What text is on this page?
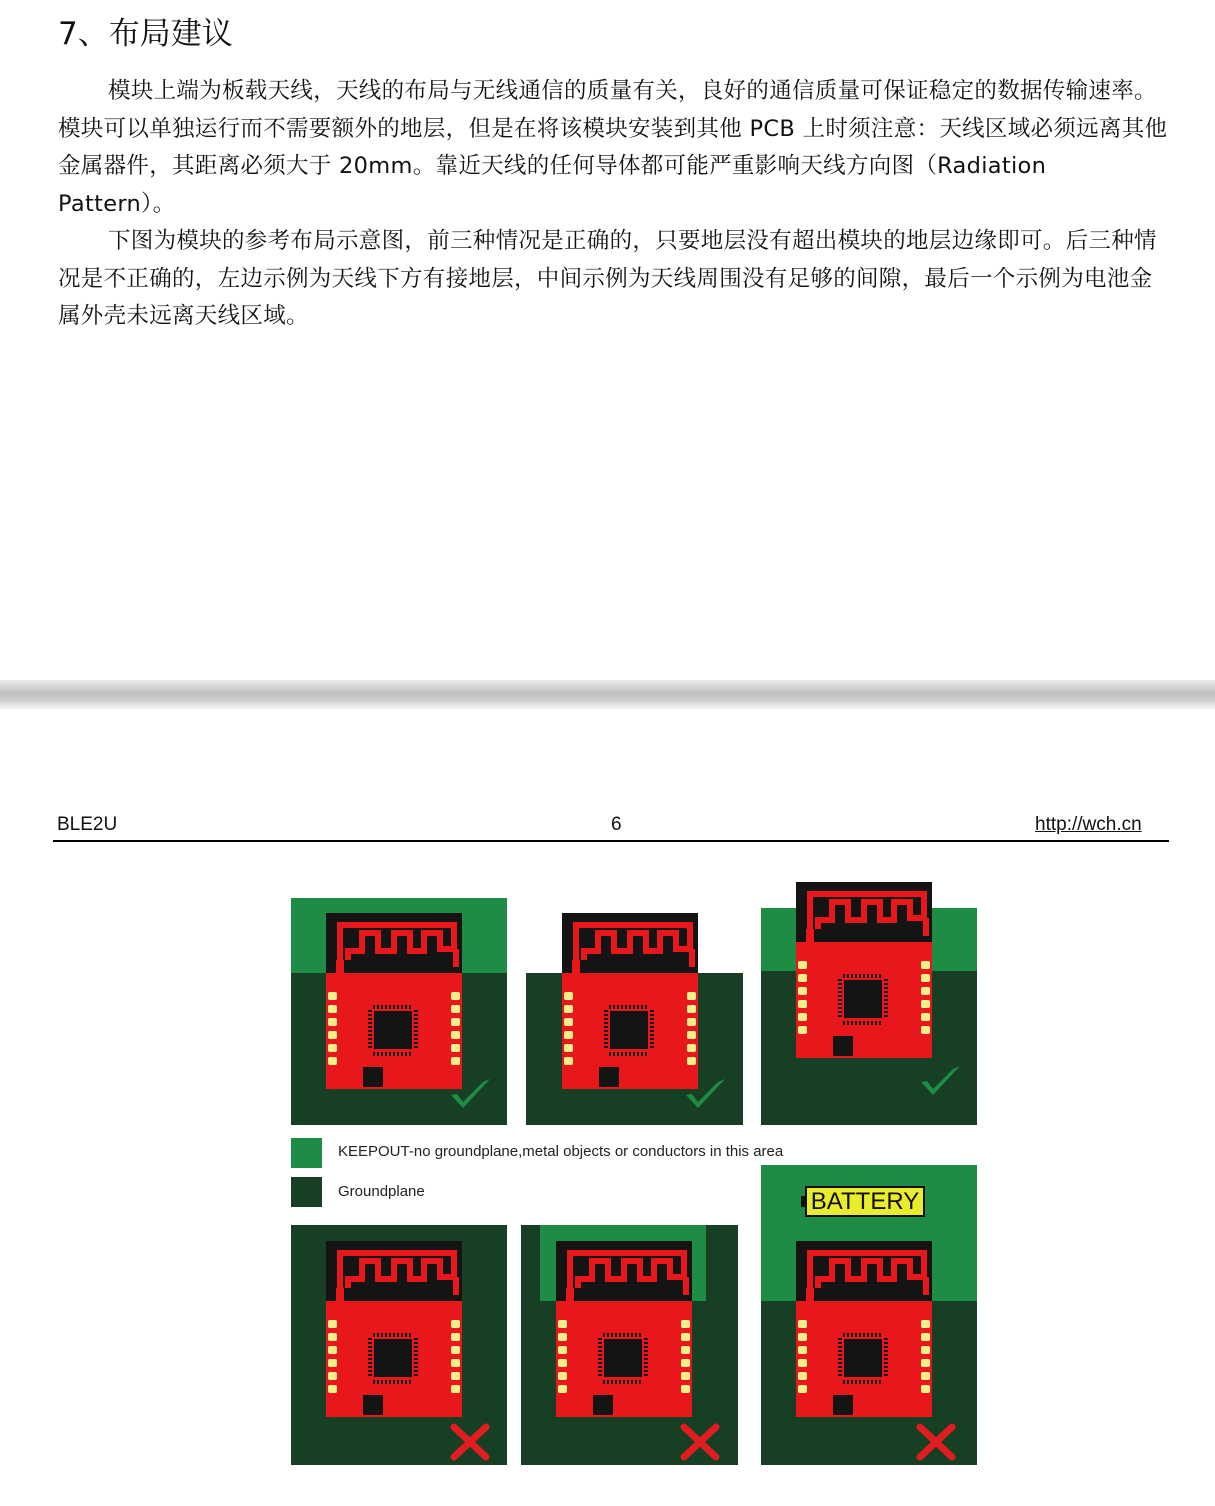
7、布局建议

模块上端为板载天线，天线的布局与无线通信的质量有关，良好的通信质量可保证稳定的数据传输速率。模块可以单独运行而不需要额外的地层，但是在将该模块安装到其他 PCB 上时须注意：天线区域必须远离其他金属器件，其距离必须大于 20mm。靠近天线的任何导体都可能严重影响天线方向图（Radiation Pattern）。

下图为模块的参考布局示意图，前三种情况是正确的，只要地层没有超出模块的地层边缘即可。后三种情况是不正确的，左边示例为天线下方有接地层，中间示例为天线周围没有足够的间隙，最后一个示例为电池金属外壳未远离天线区域。

BLE2U	6	http://wch.cn
KEEPOUT-no groundplane,metal objects or conductors in this area
Groundplane	BATTERY
